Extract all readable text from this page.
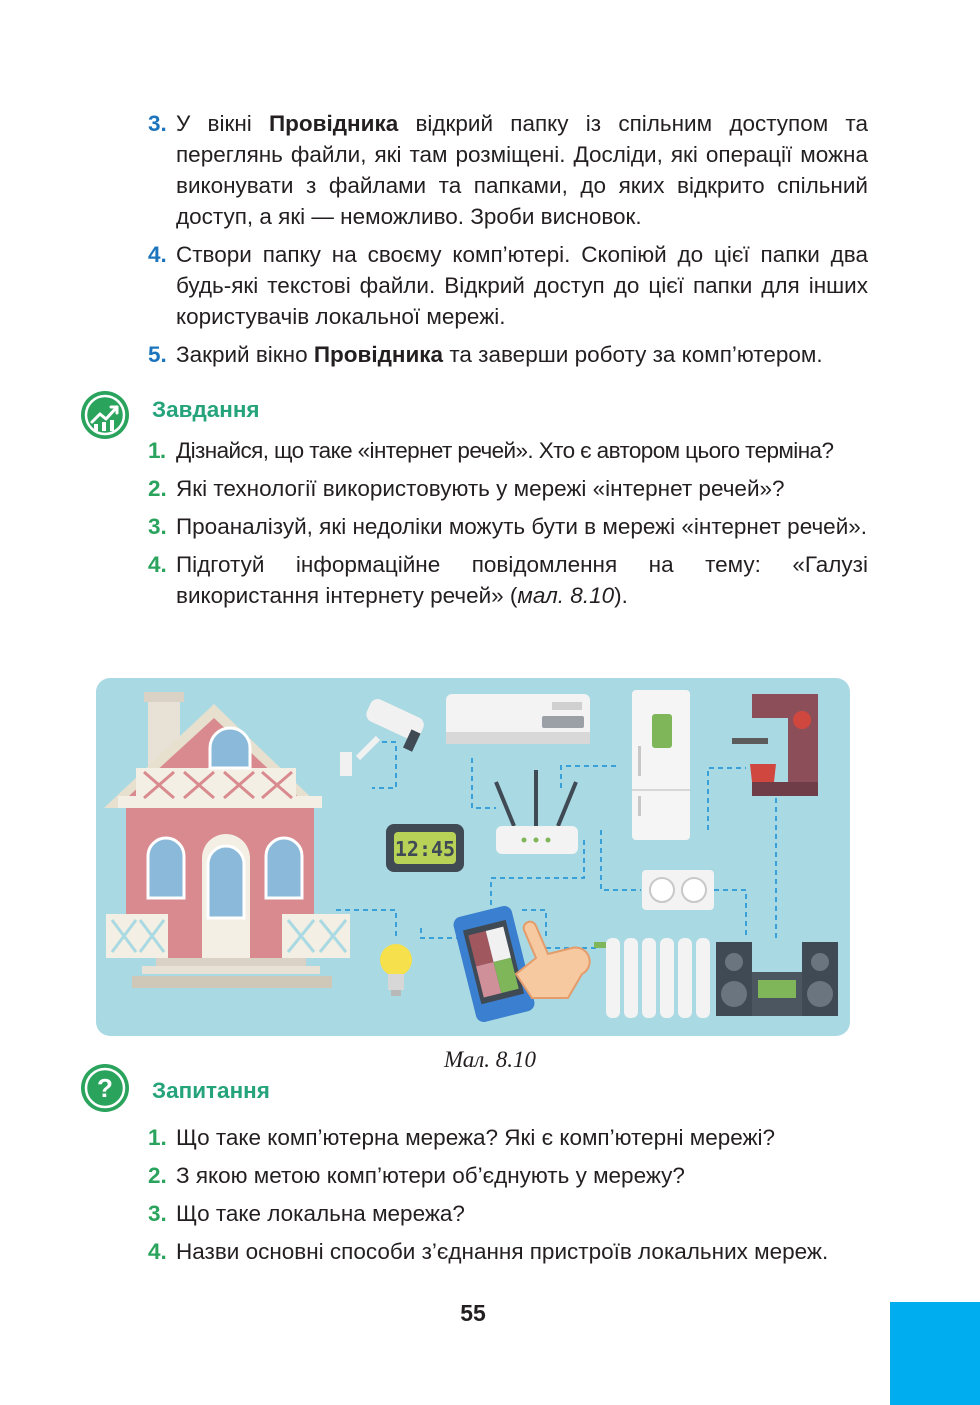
3. У вікні Провідника відкрий папку із спільним доступом та переглянь файли, які там розміщені. Досліди, які операції можна виконувати з файлами та папками, до яких відкрито спільний доступ, а які — неможливо. Зроби висновок.
4. Створи папку на своєму комп’ютері. Скопіюй до цієї папки два будь-які текстові файли. Відкрий доступ до цієї папки для інших користувачів локальної мережі.
5. Закрий вікно Провідника та заверши роботу за комп’ютером.
Завдання
1. Дізнайся, що таке «інтернет речей». Хто є автором цього терміна?
2. Які технології використовують у мережі «інтернет речей»?
3. Проаналізуй, які недоліки можуть бути в мережі «інтернет речей».
4. Підготуй інформаційне повідомлення на тему: «Галузі використання інтернету речей» (мал. 8.10).
12:45
Мал. 8.10
? Запитання
1. Що таке комп’ютерна мережа? Які є комп’ютерні мережі?
2. З якою метою комп’ютери об’єднують у мережу?
3. Що таке локальна мережа?
4. Назви основні способи з’єднання пристроїв локальних мереж.
55
